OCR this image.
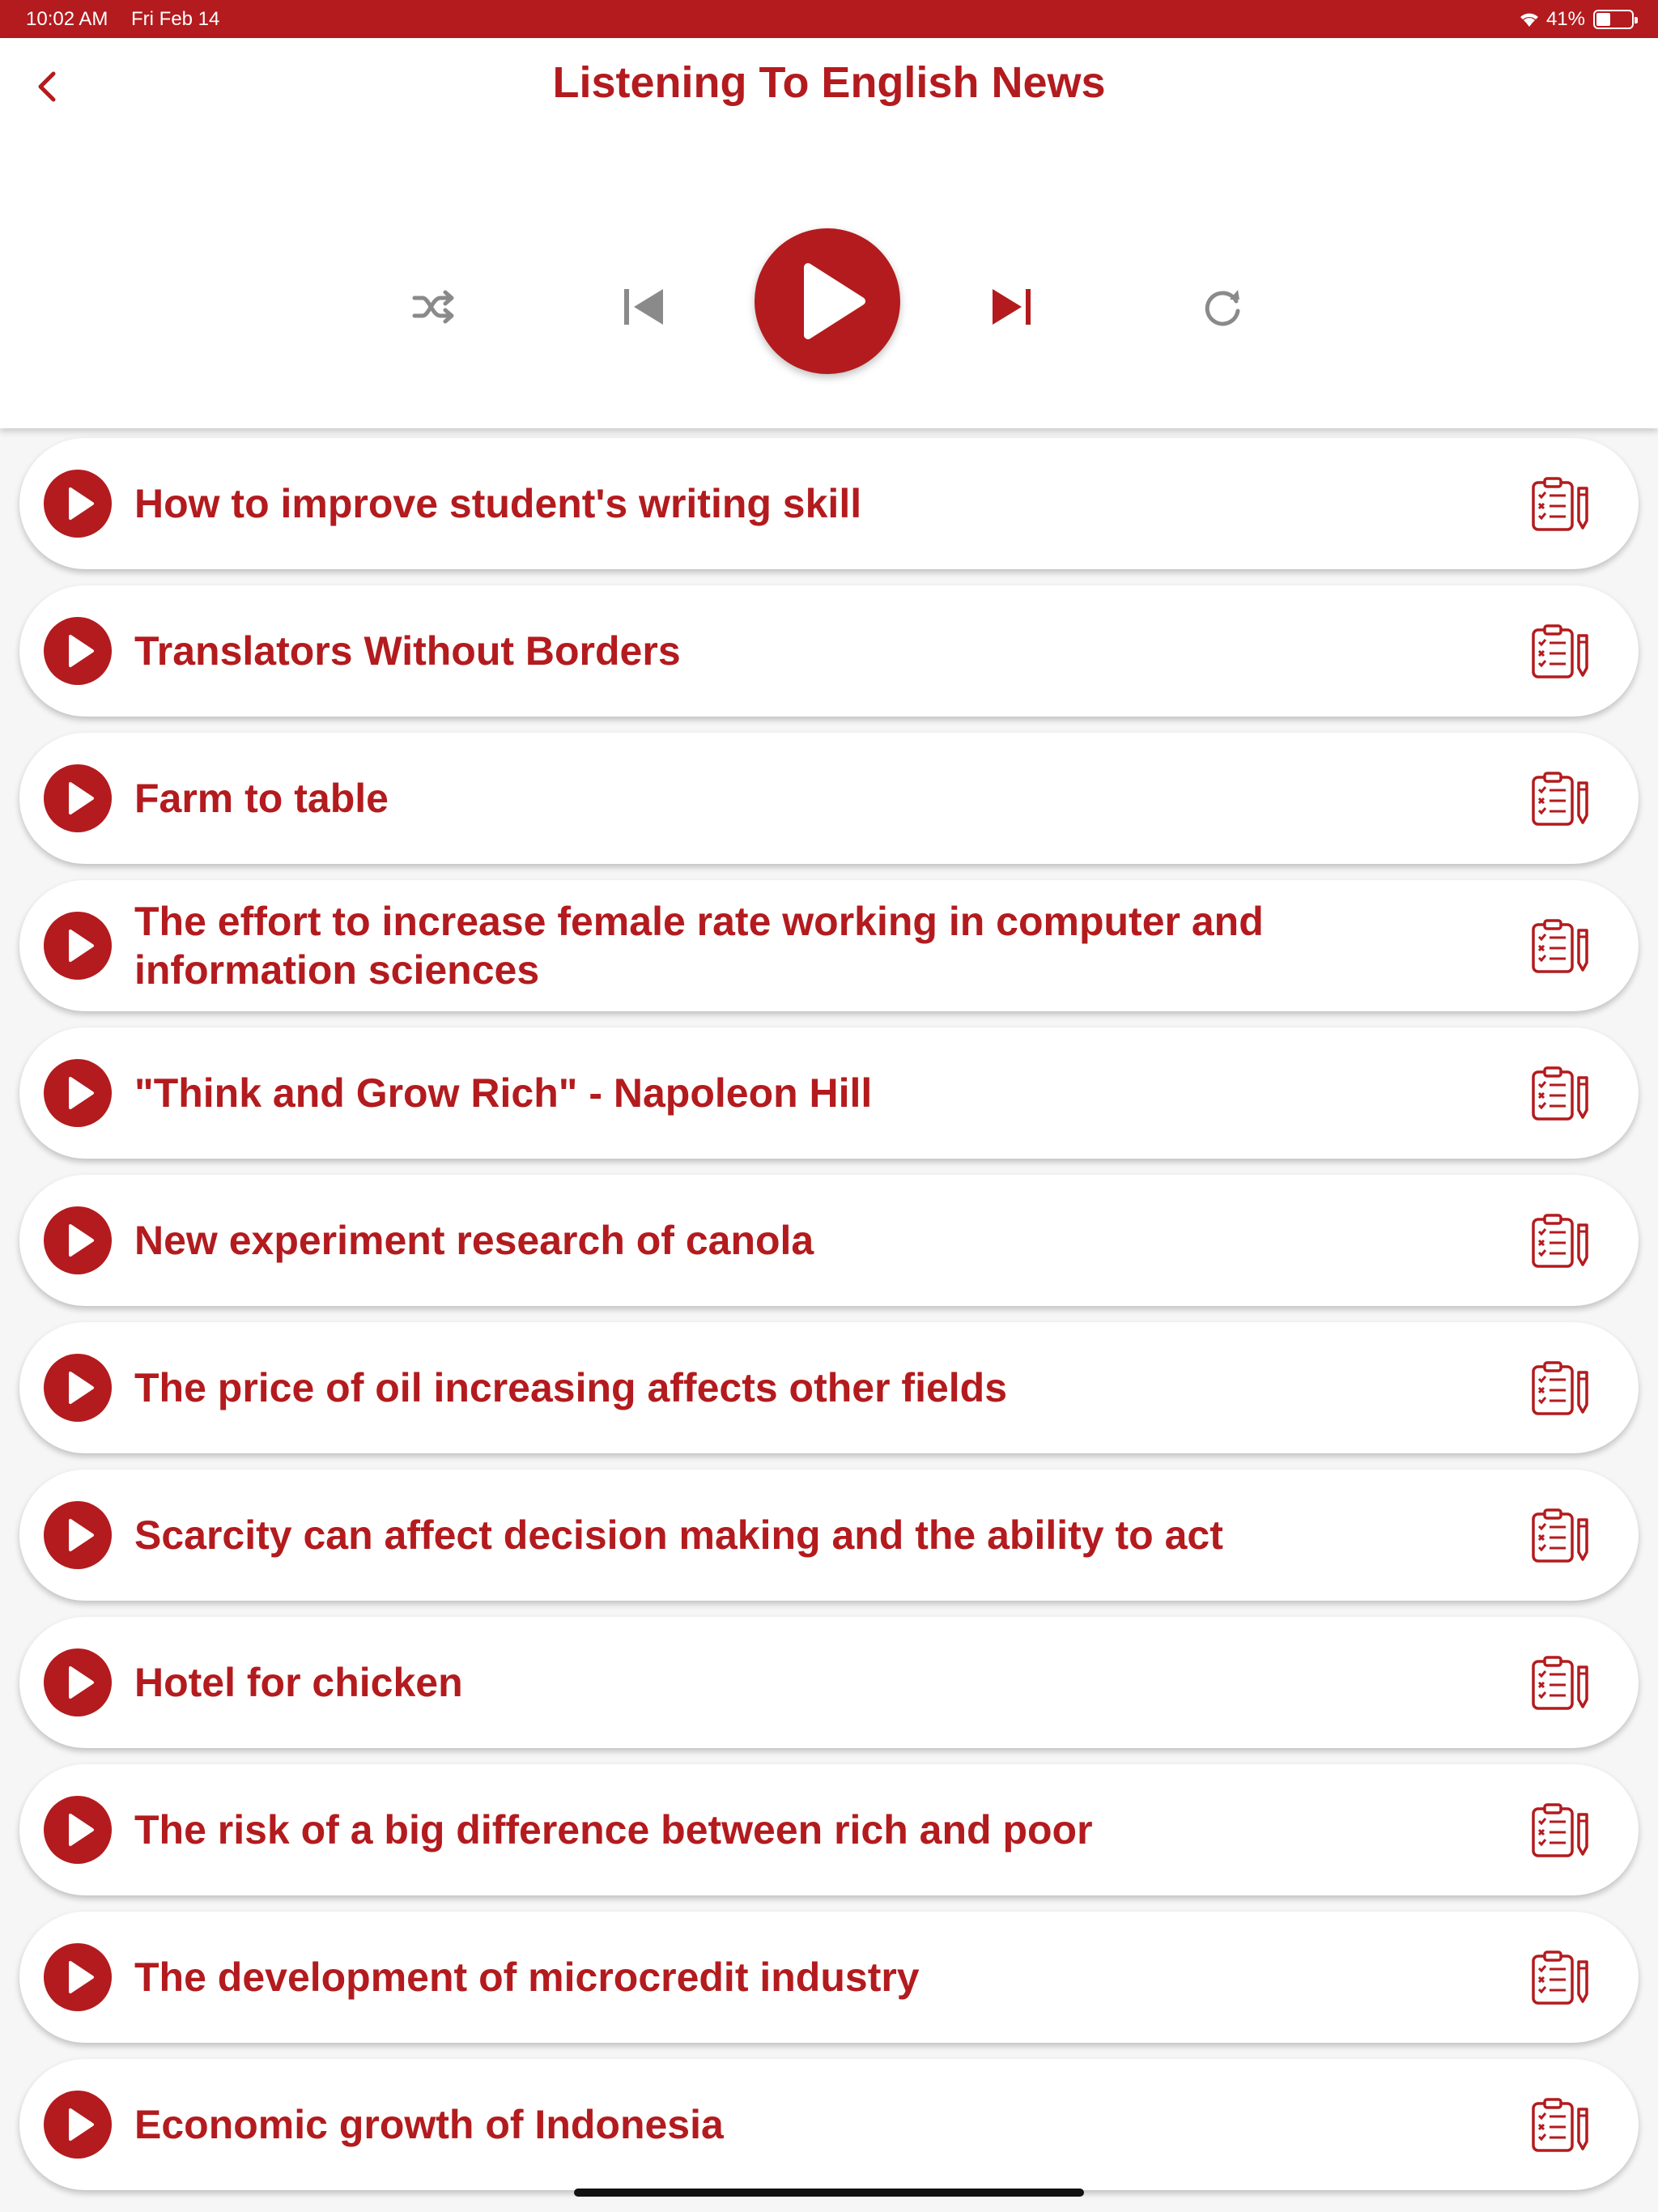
10:02 AM Fri Feb 14	41%
Listening To English News
How to improve student's writing skill
Translators Without Borders
Farm to table
The effort to increase female rate working in computer and information sciences
"Think and Grow Rich" - Napoleon Hill
New experiment research of canola
The price of oil increasing affects other fields
Scarcity can affect decision making and the ability to act
Hotel for chicken
The risk of a big difference between rich and poor
The development of microcredit industry
Economic growth of Indonesia
